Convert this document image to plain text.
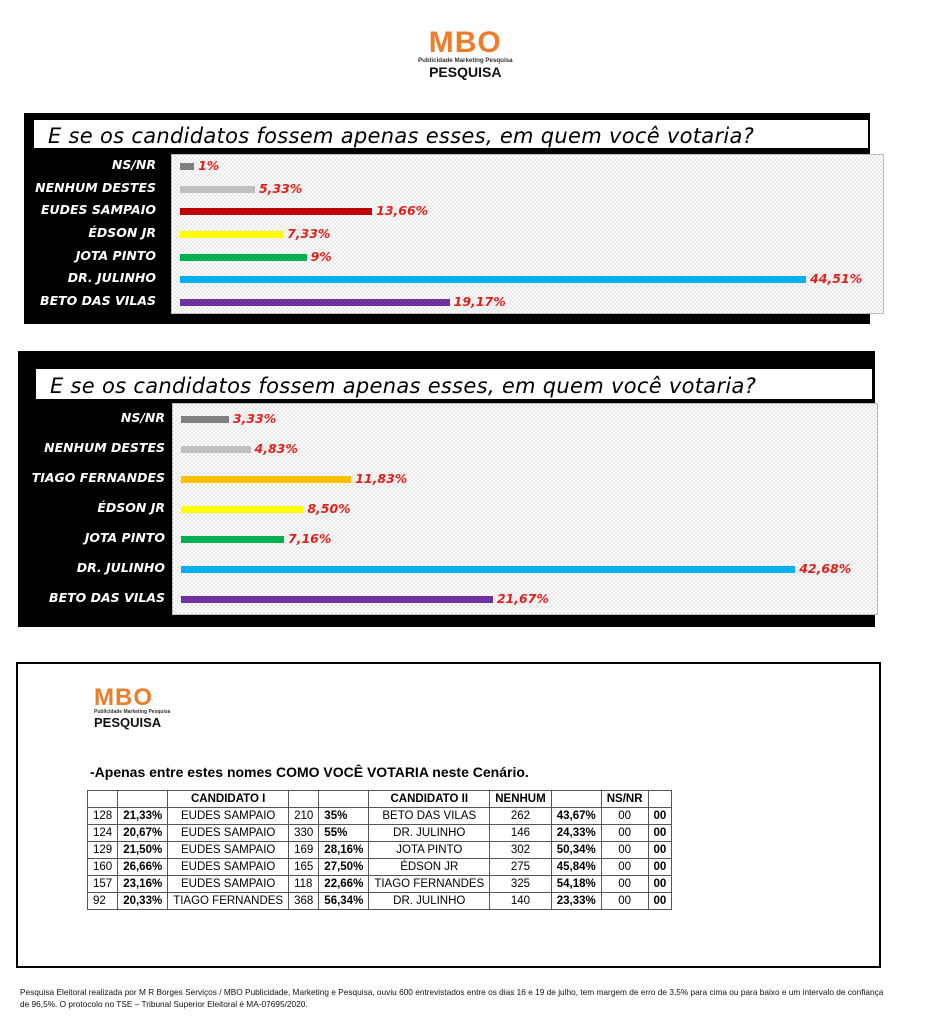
MBO
Publicidade Marketing Pesquisa
PESQUISA
E se os candidatos fossem apenas esses, em quem você votaria?
NS/NR
NENHUM DESTES
EUDES SAMPAIO
ÉDSON JR
JOTA PINTO
DR. JULINHO
BETO DAS VILAS
1%
5,33%
13,66%
7,33%
9%
44,51%
19,17%
E se os candidatos fossem apenas esses, em quem você votaria?
NS/NR
NENHUM DESTES
TIAGO FERNANDES
ÉDSON JR
JOTA PINTO
DR. JULINHO
BETO DAS VILAS
3,33%
4,83%
11,83%
8,50%
7,16%
42,68%
21,67%
MBO
Publicidade Marketing Pesquisa
PESQUISA
-Apenas entre estes nomes COMO VOCÊ VOTARIA neste Cenário.
		CANDIDATO I			CANDIDATO II	NENHUM		NS/NR	
128	21,33%	EUDES SAMPAIO	210	35%	BETO DAS VILAS	262	43,67%	00	00
124	20,67%	EUDES SAMPAIO	330	55%	DR. JULINHO	146	24,33%	00	00
129	21,50%	EUDES SAMPAIO	169	28,16%	JOTA PINTO	302	50,34%	00	00
160	26,66%	EUDES SAMPAIO	165	27,50%	ÉDSON JR	275	45,84%	00	00
157	23,16%	EUDES SAMPAIO	118	22,66%	TIAGO FERNANDES	325	54,18%	00	00
92	20,33%	TIAGO FERNANDES	368	56,34%	DR. JULINHO	140	23,33%	00	00
Pesquisa Eleitoral realizada por M R Borges Serviços / MBO Publicidade, Marketing e Pesquisa, ouviu 600 entrevistados entre os dias 16 e 19 de julho, tem margem de erro de 3,5% para cima ou para baixo e um intervalo de confiança de 96,5%. O protocolo no TSE – Tribunal Superior Eleitoral é MA-07695/2020.
